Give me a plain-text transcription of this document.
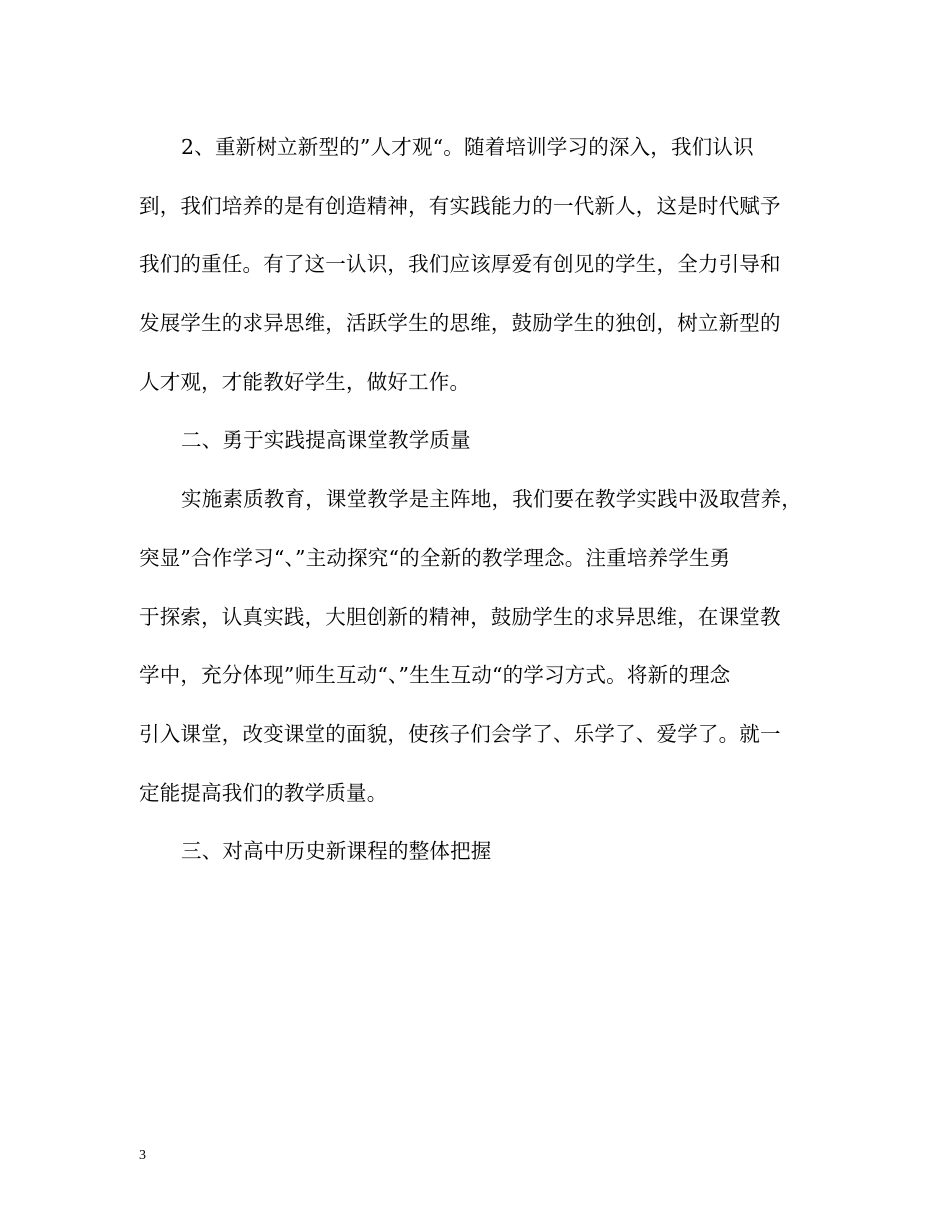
2、重新树立新型的”人才观“。随着培训学习的深入，我们认识
到，我们培养的是有创造精神，有实践能力的一代新人，这是时代赋予
我们的重任。有了这一认识，我们应该厚爱有创见的学生，全力引导和
发展学生的求异思维，活跃学生的思维，鼓励学生的独创，树立新型的
人才观，才能教好学生，做好工作。
二、勇于实践提高课堂教学质量
实施素质教育，课堂教学是主阵地，我们要在教学实践中汲取营养，
突显”合作学习“、”主动探究“的全新的教学理念。注重培养学生勇
于探索，认真实践，大胆创新的精神，鼓励学生的求异思维，在课堂教
学中，充分体现”师生互动“、”生生互动“的学习方式。将新的理念
引入课堂，改变课堂的面貌，使孩子们会学了、乐学了、爱学了。就一
定能提高我们的教学质量。
三、对高中历史新课程的整体把握
3
